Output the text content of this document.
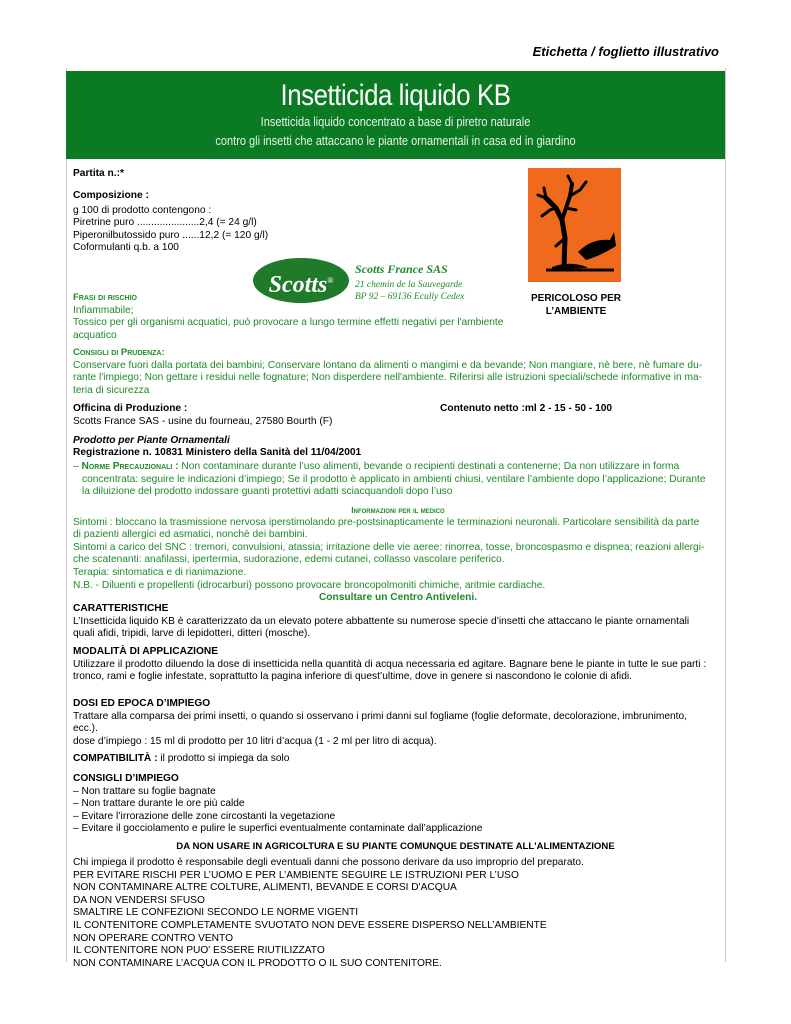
Etichetta / foglietto illustrativo
Insetticida liquido KB
Insetticida liquido concentrato a base di piretro naturale
contro gli insetti che attaccano le piante ornamentali in casa ed in giardino
Partita n.:*
Composizione :
g 100 di prodotto contengono :
Piretrine puro ......................2,4 (= 24 g/l)
Piperonilbutossido puro ......12,2 (= 120 g/l)
Coformulanti q.b. a 100
Scotts®
Scotts France SAS
21 chemin de la Sauvegarde
BP 92 – 69136 Ecully Cedex	PERICOLOSO PER
L’AMBIENTE
Frasi di rischio
Infiammabile;
Tossico per gli organismi acquatici, può provocare a lungo termine effetti negativi per l'ambiente
acquatico
Consigli di Prudenza:
Conservare fuori dalla portata dei bambini; Conservare lontano da alimenti o mangimi e da bevande; Non mangiare, nè bere, nè fumare du-
rante l'impiego; Non gettare i residui nelle fognature; Non disperdere nell'ambiente. Riferirsi alle istruzioni speciali/schede informative in ma-
teria di sicurezza
Officina di Produzione :
Scotts France SAS - usine du fourneau, 27580 Bourth (F)
Contenuto netto :ml 2 - 15 - 50 - 100
Prodotto per Piante Ornamentali
Registrazione n. 10831 Ministero della Sanità del 11/04/2001
– Norme Precauzionali : Non contaminare durante l’uso alimenti, bevande o recipienti destinati a contenerne; Da non utilizzare in forma
concentrata: seguire le indicazioni d’impiego; Se il prodotto è applicato in ambienti chiusi, ventilare l’ambiente dopo l’applicazione; Durante
la diluizione del prodotto indossare guanti protettivi adatti sciacquandoli dopo l’uso
Informazioni per il medico
Sintomi : bloccano la trasmissione nervosa iperstimolando pre-postsinapticamente le terminazioni neuronali. Particolare sensibilità da parte
di pazienti allergici ed asmatici, nonchè dei bambini.
Sintomi a carico del SNC : tremori, convulsioni, atassia; irritazione delle vie aeree: rinorrea, tosse, broncospasmo e dispnea; reazioni allergi-
che scatenanti: anafilassi, ipertermia, sudorazione, edemi cutanei, collasso vascolare periferico.
Terapia: sintomatica e di rianimazione.
N.B. - Diluenti e propellenti (idrocarburi) possono provocare broncopolmoniti chimiche, aritmie cardiache.
Consultare un Centro Antiveleni.
CARATTERISTICHE
L’Insetticida liquido KB è caratterizzato da un elevato potere abbattente su numerose specie d’insetti che attaccano le piante ornamentali
quali afidi, tripidi, larve di lepidotteri, ditteri (mosche).
MODALITÀ DI APPLICAZIONE
Utilizzare il prodotto diluendo la dose di insetticida nella quantità di acqua necessaria ed agitare. Bagnare bene le piante in tutte le sue parti :
tronco, rami e foglie infestate, soprattutto la pagina inferiore di quest’ultime, dove in genere si nascondono le colonie di afidi.
DOSI ED EPOCA D’IMPIEGO
Trattare alla comparsa dei primi insetti, o quando si osservano i primi danni sul fogliame (foglie deformate, decolorazione, imbrunimento,
ecc.).
dose d’impiego : 15 ml di prodotto per 10 litri d’acqua (1 - 2 ml per litro di acqua).
COMPATIBILITÀ : il prodotto si impiega da solo
CONSIGLI D’IMPIEGO
– Non trattare su foglie bagnate
– Non trattare durante le ore più calde
– Evitare l’irrorazione delle zone circostanti la vegetazione
– Evitare il gocciolamento e pulire le superfici eventualmente contaminate dall’applicazione
DA NON USARE IN AGRICOLTURA E SU PIANTE COMUNQUE DESTINATE ALL'ALIMENTAZIONE
Chi impiega il prodotto è responsabile degli eventuali danni che possono derivare da uso improprio del preparato.
PER EVITARE RISCHI PER L’UOMO E PER L’AMBIENTE SEGUIRE LE ISTRUZIONI PER L’USO
NON CONTAMINARE ALTRE COLTURE, ALIMENTI, BEVANDE E CORSI D'ACQUA
DA NON VENDERSI SFUSO
SMALTIRE LE CONFEZIONI SECONDO LE NORME VIGENTI
IL CONTENITORE COMPLETAMENTE SVUOTATO NON DEVE ESSERE DISPERSO NELL’AMBIENTE
NON OPERARE CONTRO VENTO
IL CONTENITORE NON PUO' ESSERE RIUTILIZZATO
NON CONTAMINARE L’ACQUA CON IL PRODOTTO O IL SUO CONTENITORE.
